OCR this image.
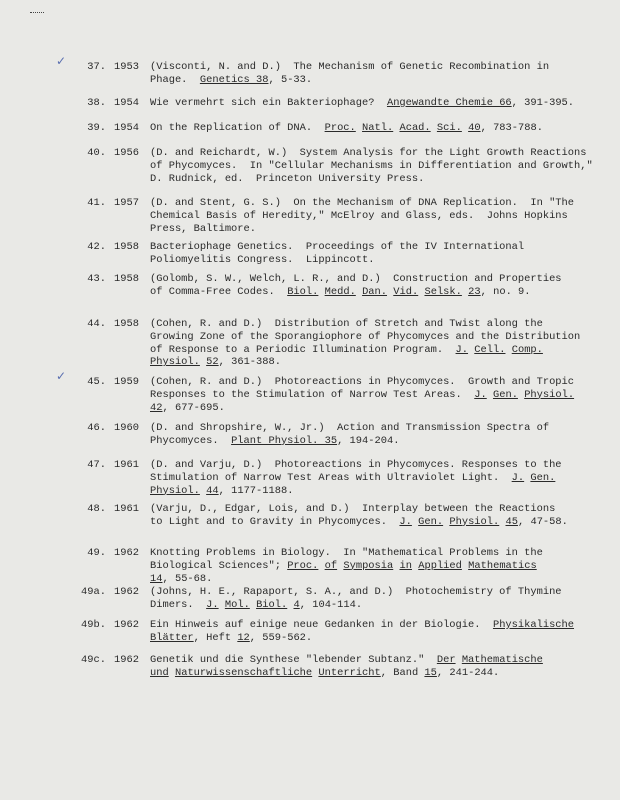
✓	37. 1953 (Visconti, N. and D.)  The Mechanism of Genetic Recombination in
Phage.  Genetics 38, 5-33.
38. 1954 Wie vermehrt sich ein Bakteriophage?  Angewandte Chemie 66, 391-395.
39. 1954 On the Replication of DNA.  Proc. Natl. Acad. Sci. 40, 783-788.
40. 1956 (D. and Reichardt, W.)  System Analysis for the Light Growth Reactions
of Phycomyces.  In "Cellular Mechanisms in Differentiation and Growth,"
D. Rudnick, ed.  Princeton University Press.
41. 1957 (D. and Stent, G. S.)  On the Mechanism of DNA Replication.  In "The
Chemical Basis of Heredity," McElroy and Glass, eds.  Johns Hopkins
Press, Baltimore.
42. 1958 Bacteriophage Genetics.  Proceedings of the IV International
Poliomyelitis Congress.  Lippincott.
43. 1958 (Golomb, S. W., Welch, L. R., and D.)  Construction and Properties
of Comma-Free Codes.  Biol. Medd. Dan. Vid. Selsk. 23, no. 9.
44. 1958 (Cohen, R. and D.)  Distribution of Stretch and Twist along the
Growing Zone of the Sporangiophore of Phycomyces and the Distribution
of Response to a Periodic Illumination Program.  J. Cell. Comp.
Physiol. 52, 361-388.
✓	45. 1959 (Cohen, R. and D.)  Photoreactions in Phycomyces.  Growth and Tropic
Responses to the Stimulation of Narrow Test Areas.  J. Gen. Physiol.
42, 677-695.
46. 1960 (D. and Shropshire, W., Jr.)  Action and Transmission Spectra of
Phycomyces.  Plant Physiol. 35, 194-204.
47. 1961 (D. and Varju, D.)  Photoreactions in Phycomyces. Responses to the
Stimulation of Narrow Test Areas with Ultraviolet Light.  J. Gen.
Physiol. 44, 1177-1188.
48. 1961 (Varju, D., Edgar, Lois, and D.)  Interplay between the Reactions
to Light and to Gravity in Phycomyces.  J. Gen. Physiol. 45, 47-58.
49. 1962 Knotting Problems in Biology.  In "Mathematical Problems in the
Biological Sciences"; Proc. of Symposia in Applied Mathematics
14, 55-68.
49a. 1962 (Johns, H. E., Rapaport, S. A., and D.)  Photochemistry of Thymine
Dimers.  J. Mol. Biol. 4, 104-114.
49b. 1962 Ein Hinweis auf einige neue Gedanken in der Biologie.  Physikalische
Blätter, Heft 12, 559-562.
49c. 1962 Genetik und die Synthese "lebender Subtanz."  Der Mathematische
und Naturwissenschaftliche Unterricht, Band 15, 241-244.
